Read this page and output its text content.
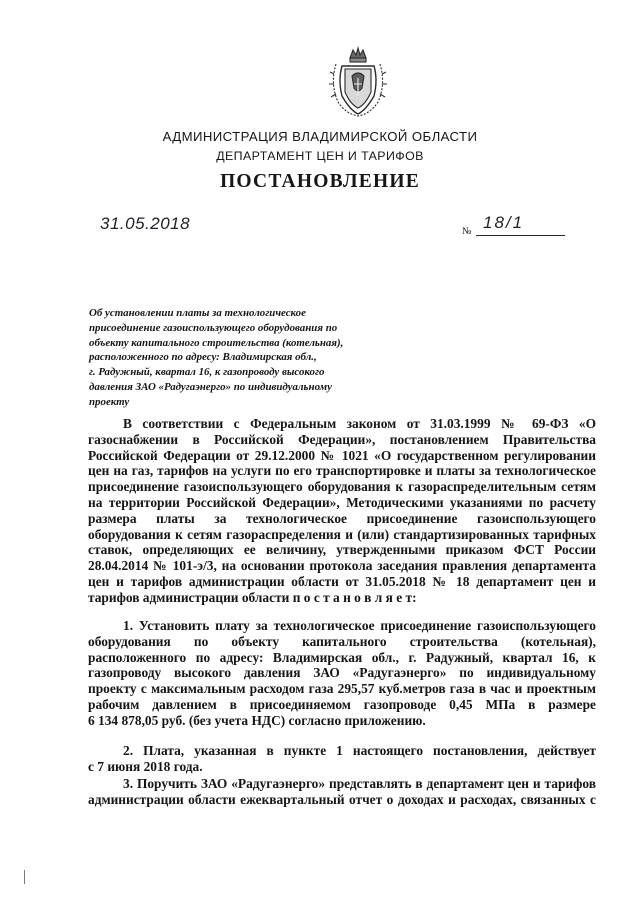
АДМИНИСТРАЦИЯ ВЛАДИМИРСКОЙ ОБЛАСТИ
ДЕПАРТАМЕНТ ЦЕН И ТАРИФОВ
ПОСТАНОВЛЕНИЕ
31.05.2018	№ 18/1
Об установлении платы за технологическое
присоединение газоиспользующего оборудования по
объекту капитального строительства (котельная),
расположенного по адресу: Владимирская обл.,
г. Радужный, квартал 16, к газопроводу высокого
давления ЗАО «Радугаэнерго» по индивидуальному
проекту
В соответствии с Федеральным законом от 31.03.1999 № 69-ФЗ «О
газоснабжении в Российской Федерации», постановлением Правительства
Российской Федерации от 29.12.2000 № 1021 «О государственном регулировании
цен на газ, тарифов на услуги по его транспортировке и платы за технологическое
присоединение газоиспользующего оборудования к газораспределительным сетям
на территории Российской Федерации», Методическими указаниями по расчету
размера платы за технологическое присоединение газоиспользующего
оборудования к сетям газораспределения и (или) стандартизированных тарифных
ставок, определяющих ее величину, утвержденными приказом ФСТ России
28.04.2014 № 101-э/3, на основании протокола заседания правления департамента
цен и тарифов администрации области от 31.05.2018 № 18 департамент цен и
тарифов администрации области п о с т а н о в л я е т:
1. Установить плату за технологическое присоединение газоиспользующего
оборудования по объекту капитального строительства (котельная),
расположенного по адресу: Владимирская обл., г. Радужный, квартал 16, к
газопроводу высокого давления ЗАО «Радугаэнерго» по индивидуальному
проекту с максимальным расходом газа 295,57 куб.метров газа в час и проектным
рабочим давлением в присоединяемом газопроводе 0,45 МПа в размере
6 134 878,05 руб. (без учета НДС) согласно приложению.
2. Плата, указанная в пункте 1 настоящего постановления, действует
с 7 июня 2018 года.
3. Поручить ЗАО «Радугаэнерго» представлять в департамент цен и тарифов
администрации области ежеквартальный отчет о доходах и расходах, связанных с
